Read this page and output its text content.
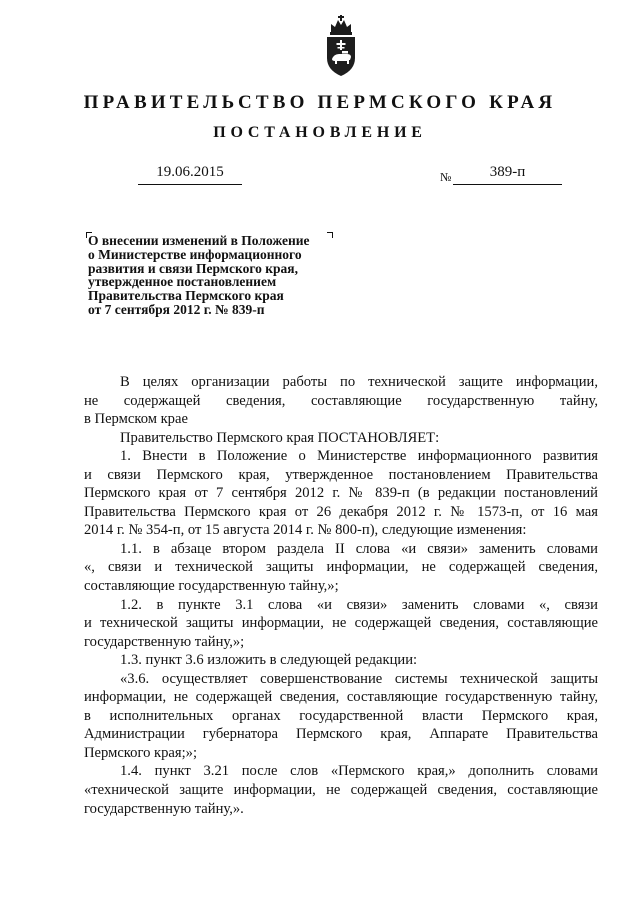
ПРАВИТЕЛЬСТВО ПЕРМСКОГО КРАЯ
ПОСТАНОВЛЕНИЕ
19.06.2015	№	389-п
О внесении изменений в Положение
о Министерстве информационного
развития и связи Пермского края,
утвержденное постановлением
Правительства Пермского края
от 7 сентября 2012 г. № 839-п
В целях организации работы по технической защите информации,
не содержащей сведения, составляющие государственную тайну,
в Пермском крае
Правительство Пермского края ПОСТАНОВЛЯЕТ:
1. Внести в Положение о Министерстве информационного развития
и связи Пермского края, утвержденное постановлением Правительства
Пермского края от 7 сентября 2012 г. № 839-п (в редакции постановлений
Правительства Пермского края от 26 декабря 2012 г. № 1573-п, от 16 мая
2014 г. № 354-п, от 15 августа 2014 г. № 800-п), следующие изменения:
1.1. в абзаце втором раздела II слова «и связи» заменить словами
«, связи и технической защиты информации, не содержащей сведения,
составляющие государственную тайну,»;
1.2. в пункте 3.1 слова «и связи» заменить словами «, связи
и технической защиты информации, не содержащей сведения, составляющие
государственную тайну,»;
1.3. пункт 3.6 изложить в следующей редакции:
«3.6. осуществляет совершенствование системы технической защиты
информации, не содержащей сведения, составляющие государственную тайну,
в исполнительных органах государственной власти Пермского края,
Администрации губернатора Пермского края, Аппарате Правительства
Пермского края;»;
1.4. пункт 3.21 после слов «Пермского края,» дополнить словами
«технической защите информации, не содержащей сведения, составляющие
государственную тайну,».
